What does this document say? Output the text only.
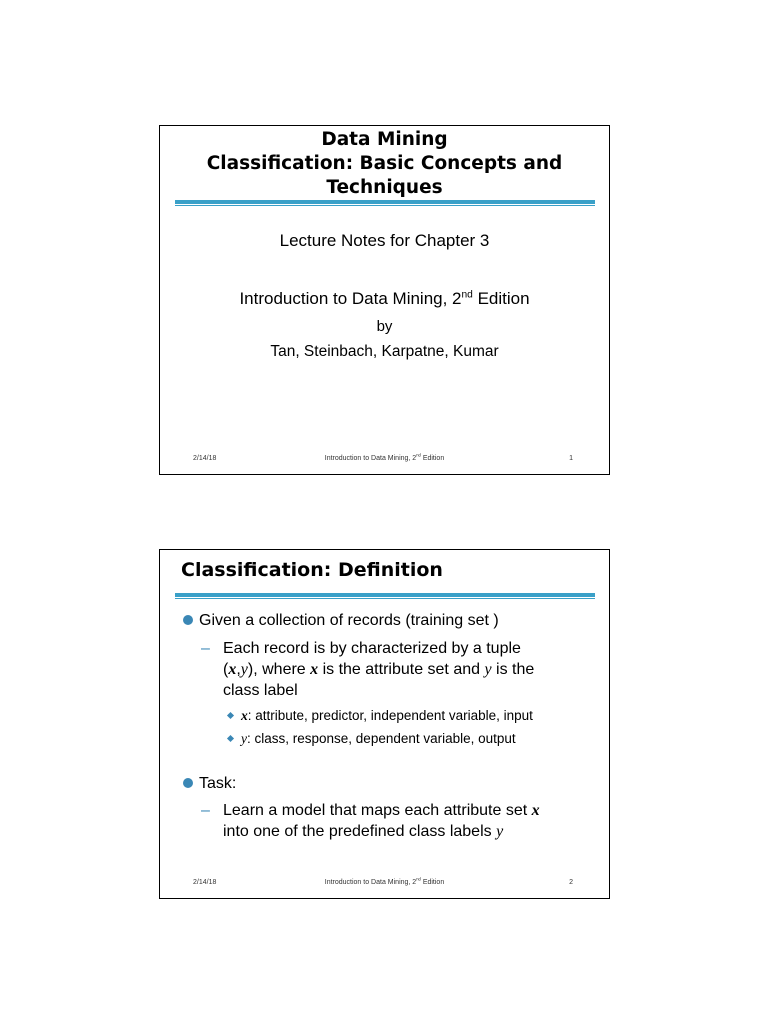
Data Mining
Classification: Basic Concepts and
Techniques
Lecture Notes for Chapter 3
Introduction to Data Mining, 2nd Edition
by
Tan, Steinbach, Karpatne, Kumar
2/14/18	Introduction to Data Mining, 2nd Edition	1
Classification: Definition
Given a collection of records (training set )
– Each record is by characterized by a tuple
(x,y), where x is the attribute set and y is the
class label
x: attribute, predictor, independent variable, input
y: class, response, dependent variable, output
Task:
– Learn a model that maps each attribute set x
into one of the predefined class labels y
2/14/18	Introduction to Data Mining, 2nd Edition	2
